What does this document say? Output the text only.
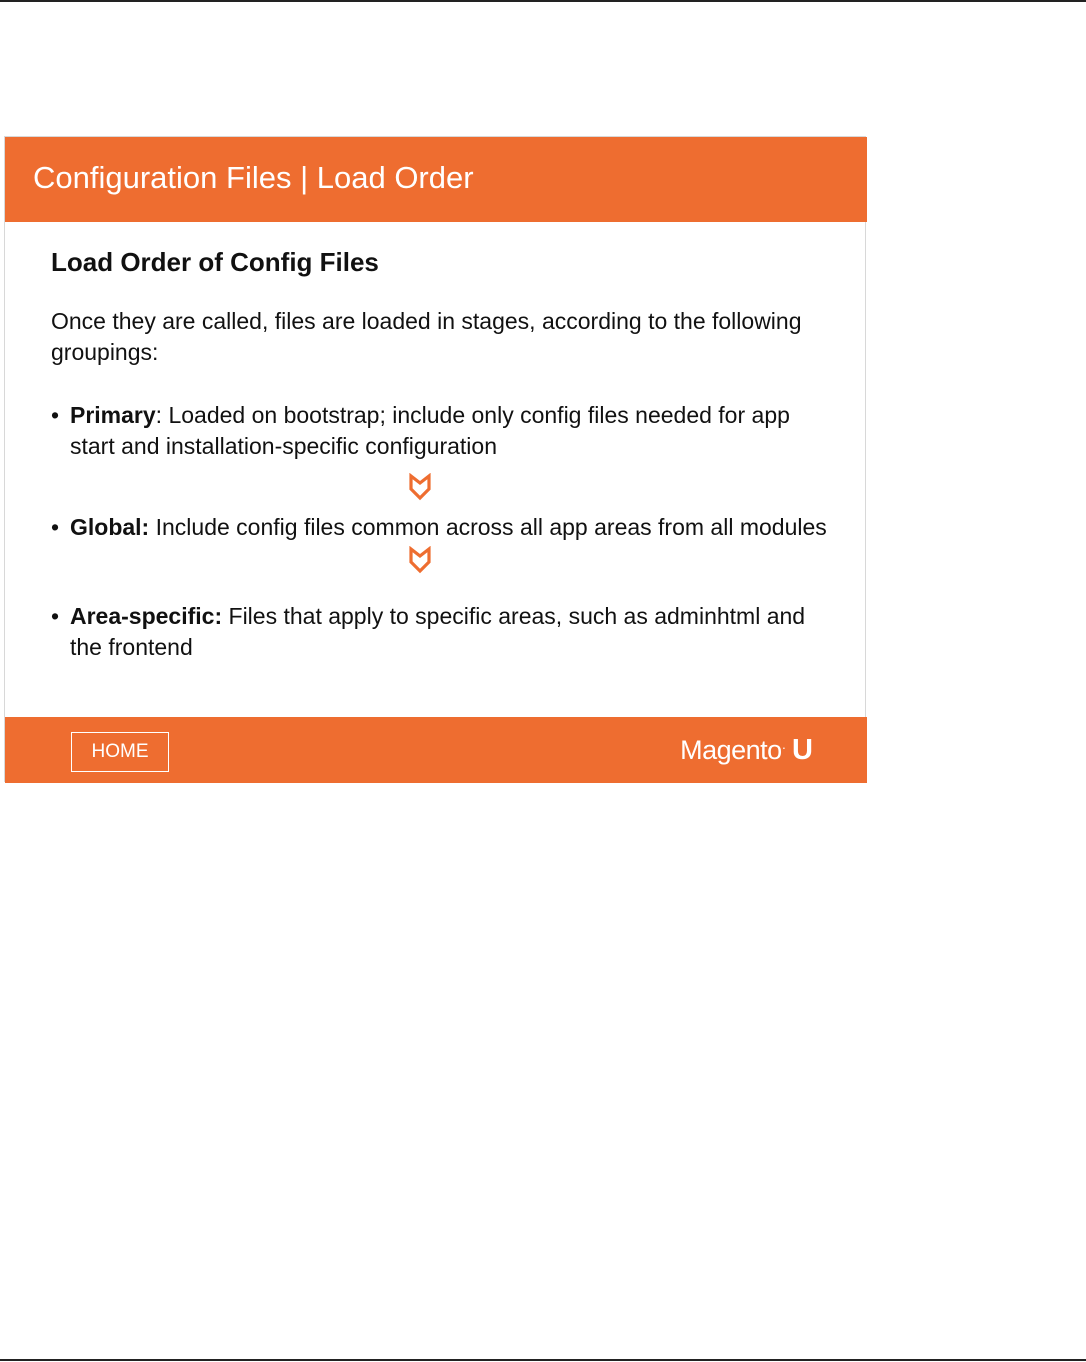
Configuration Files | Load Order
Load Order of Config Files

Once they are called, files are loaded in stages, according to the following groupings:

• Primary: Loaded on bootstrap; include only config files needed for app start and installation-specific configuration
• Global: Include config files common across all app areas from all modules
• Area-specific: Files that apply to specific areas, such as adminhtml and the frontend
HOME	Magento· U
